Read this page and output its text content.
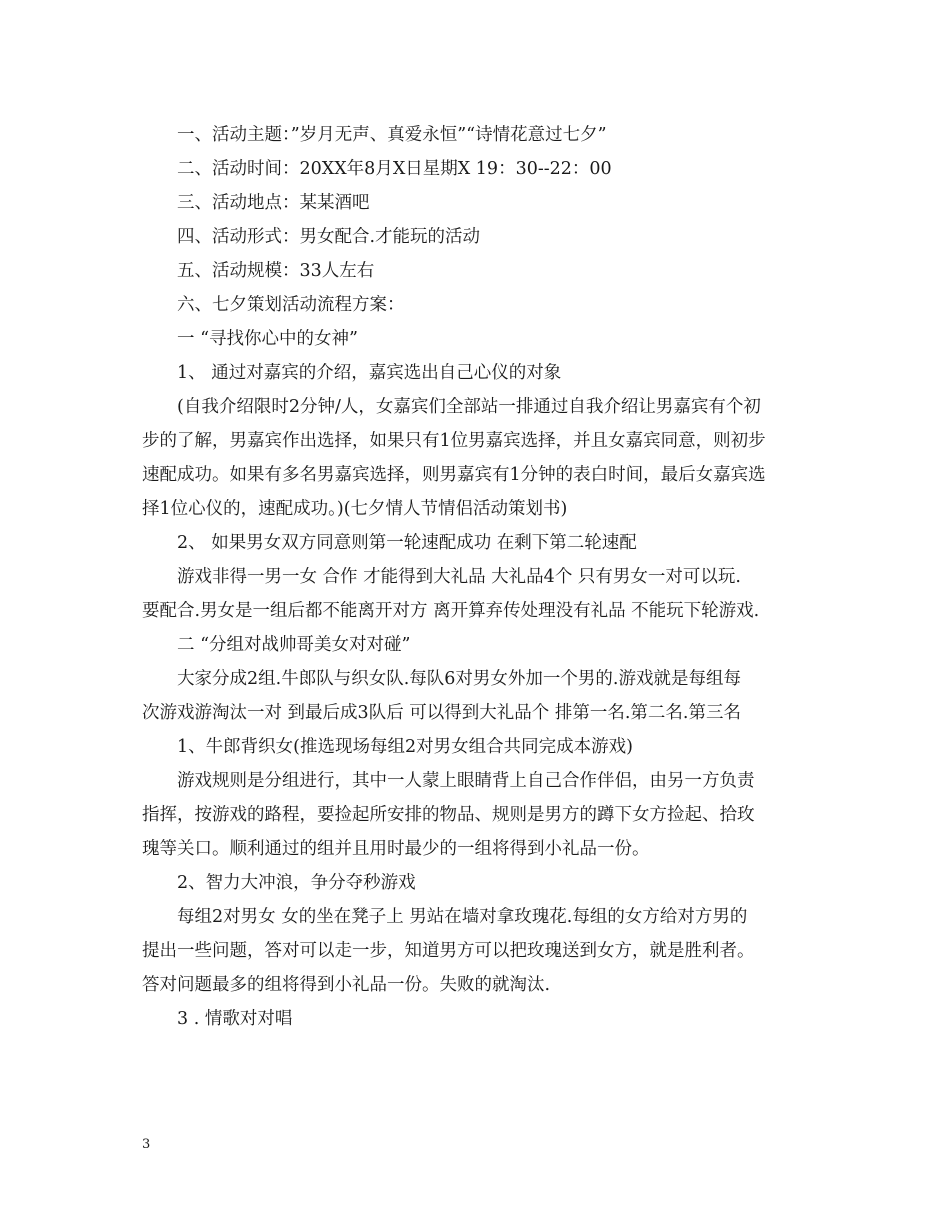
一、活动主题：”岁月无声、真爱永恒”“诗情花意过七夕”

二、活动时间：20XX年8月X日星期X 19：30--22：00

三、活动地点：某某酒吧

四、活动形式：男女配合.才能玩的活动

五、活动规模：33人左右

六、七夕策划活动流程方案：

一 “寻找你心中的女神”

1、 通过对嘉宾的介绍，嘉宾选出自己心仪的对象

(自我介绍限时2分钟/人，女嘉宾们全部站一排通过自我介绍让男嘉宾有个初

步的了解，男嘉宾作出选择，如果只有1位男嘉宾选择，并且女嘉宾同意，则初步

速配成功。如果有多名男嘉宾选择，则男嘉宾有1分钟的表白时间，最后女嘉宾选

择1位心仪的，速配成功。)(七夕情人节情侣活动策划书)

2、 如果男女双方同意则第一轮速配成功 在剩下第二轮速配

游戏非得一男一女 合作 才能得到大礼品 大礼品4个 只有男女一对可以玩.

要配合.男女是一组后都不能离开对方 离开算弃传处理没有礼品 不能玩下轮游戏.

二 “分组对战帅哥美女对对碰”

大家分成2组.牛郎队与织女队.每队6对男女外加一个男的.游戏就是每组每

次游戏游淘汰一对 到最后成3队后 可以得到大礼品个 排第一名.第二名.第三名

1、牛郎背织女(推选现场每组2对男女组合共同完成本游戏)

游戏规则是分组进行，其中一人蒙上眼睛背上自己合作伴侣，由另一方负责

指挥，按游戏的路程，要捡起所安排的物品、规则是男方的蹲下女方捡起、拾玫

瑰等关口。顺利通过的组并且用时最少的一组将得到小礼品一份。

2、智力大冲浪，争分夺秒游戏

每组2对男女 女的坐在凳子上 男站在墙对拿玫瑰花.每组的女方给对方男的

提出一些问题，答对可以走一步，知道男方可以把玫瑰送到女方，就是胜利者。

答对问题最多的组将得到小礼品一份。失败的就淘汰.

3 . 情歌对对唱

3
